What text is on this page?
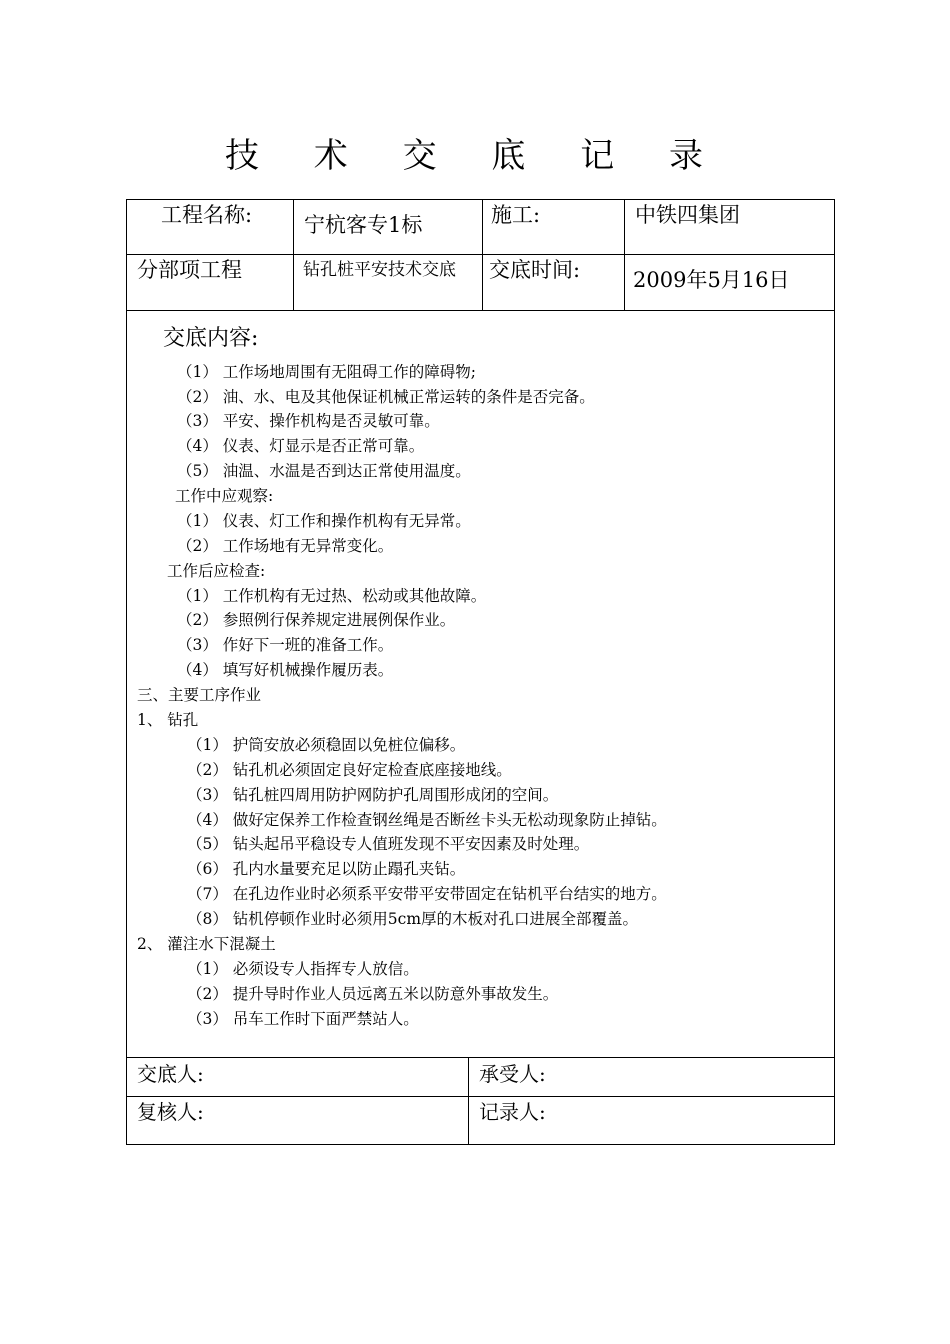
技 术 交 底 记 录
工程名称: 宁杭客专1标	施工:	中铁四集团
分部项工程	钻孔桩平安技术交底	交底时间:	2009年5月16日
交底内容:
（1） 工作场地周围有无阻碍工作的障碍物;
（2） 油、水、电及其他保证机械正常运转的条件是否完备。
（3） 平安、操作机构是否灵敏可靠。
（4） 仪表、灯显示是否正常可靠。
（5） 油温、水温是否到达正常使用温度。
工作中应观察:
（1） 仪表、灯工作和操作机构有无异常。
（2） 工作场地有无异常变化。
工作后应检查:
（1） 工作机构有无过热、松动或其他故障。
（2） 参照例行保养规定进展例保作业。
（3） 作好下一班的准备工作。
（4） 填写好机械操作履历表。
三、主要工序作业
1、 钻孔
（1） 护筒安放必须稳固以免桩位偏移。
（2） 钻孔机必须固定良好定检查底座接地线。
（3） 钻孔桩四周用防护网防护孔周围形成闭的空间。
（4） 做好定保养工作检查钢丝绳是否断丝卡头无松动现象防止掉钻。
（5） 钻头起吊平稳设专人值班发现不平安因素及时处理。
（6） 孔内水量要充足以防止蹋孔夹钻。
（7） 在孔边作业时必须系平安带平安带固定在钻机平台结实的地方。
（8） 钻机停顿作业时必须用5cm厚的木板对孔口进展全部覆盖。
2、 灌注水下混凝土
（1） 必须设专人指挥专人放信。
（2） 提升导时作业人员远离五米以防意外事故发生。
（3） 吊车工作时下面严禁站人。
交底人:	承受人:
复核人:	记录人:
